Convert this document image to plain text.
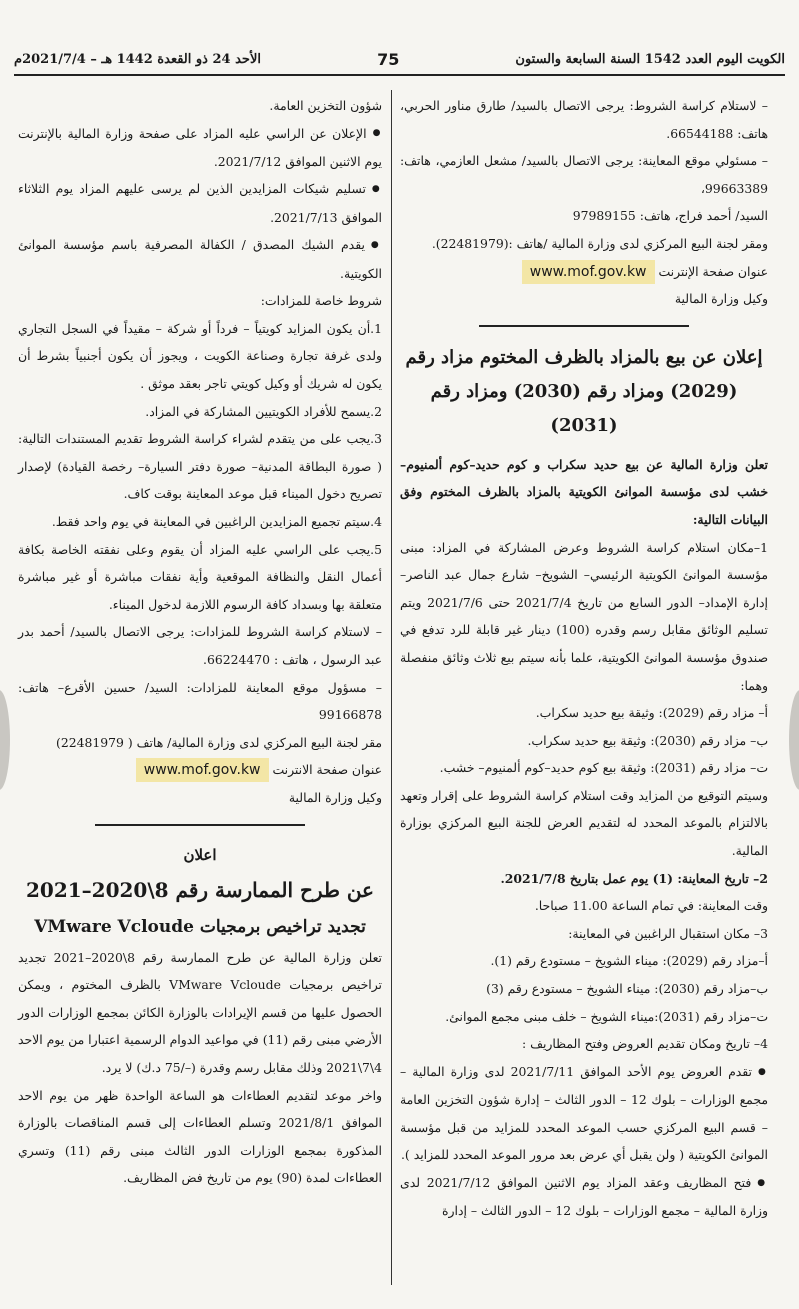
الكويت اليوم العدد 1542 السنة السابعة والستون
75
الأحد 24 ذو القعدة 1442 هـ – 2021/7/4م

– لاستلام كراسة الشروط: يرجى الاتصال بالسيد/ طارق مناور الحربي، هاتف: 66544188.

– مسئولي موقع المعاينة: يرجى الاتصال بالسيد/ مشعل العازمي، هاتف: 99663389،

السيد/ أحمد فراج، هاتف: 97989155

ومقر لجنة البيع المركزي لدى وزارة المالية /هاتف :(22481979).

عنوان صفحة الإنترنت www.mof.gov.kw

وكيل وزارة المالية

إعلان عن بيع بالمزاد بالظرف المختوم مزاد رقم (2029) ومزاد رقم (2030) ومزاد رقم (2031)

تعلن وزارة المالية عن بيع حديد سكراب و كوم حديد–كوم ألمنيوم– خشب لدى مؤسسة الموانئ الكويتية بالمزاد بالظرف المختوم وفق البيانات التالية:

1–مكان استلام كراسة الشروط وعرض المشاركة في المزاد: مبنى مؤسسة الموانئ الكويتية الرئيسي– الشويخ– شارع جمال عبد الناصر– إدارة الإمداد– الدور السابع من تاريخ 2021/7/4 حتى 2021/7/6 ويتم تسليم الوثائق مقابل رسم وقدره (100) دينار غير قابلة للرد تدفع في صندوق مؤسسة الموانئ الكويتية، علما بأنه سيتم بيع ثلاث وثائق منفصلة وهما:

أ– مزاد رقم (2029): وثيقة بيع حديد سكراب.

ب– مزاد رقم (2030): وثيقة بيع حديد سكراب.

ت– مزاد رقم (2031): وثيقة بيع كوم حديد–كوم ألمنيوم– خشب.

وسيتم التوقيع من المزايد وقت استلام كراسة الشروط على إقرار وتعهد بالالتزام بالموعد المحدد له لتقديم العرض للجنة البيع المركزي بوزارة المالية.

2– تاريخ المعاينة: (1) يوم عمل بتاريخ 2021/7/8.

وقت المعاينة: في تمام الساعة 11.00 صباحا.

3– مكان استقبال الراغبين في المعاينة:

أ–مزاد رقم (2029): ميناء الشويخ – مستودع رقم (1).

ب–مزاد رقم (2030): ميناء الشويخ – مستودع رقم (3)

ت–مزاد رقم (2031):ميناء الشويخ – خلف مبنى مجمع الموانئ.

4– تاريخ ومكان تقديم العروض وفتح المظاريف :

● تقدم العروض يوم الأحد الموافق 2021/7/11 لدى وزارة المالية – مجمع الوزارات – بلوك 12 – الدور الثالث – إدارة شؤون التخزين العامة – قسم البيع المركزي حسب الموعد المحدد للمزايد من قبل مؤسسة الموانئ الكويتية ( ولن يقبل أي عرض بعد مرور الموعد المحدد للمزايد ).

● فتح المظاريف وعقد المزاد يوم الاثنين الموافق 2021/7/12 لدى وزارة المالية – مجمع الوزارات – بلوك 12 – الدور الثالث – إدارة

شؤون التخزين العامة.

● الإعلان عن الراسي عليه المزاد على صفحة وزارة المالية بالإنترنت يوم الاثنين الموافق 2021/7/12.

● تسليم شيكات المزايدين الذين لم يرسى عليهم المزاد يوم الثلاثاء الموافق 2021/7/13.

● يقدم الشيك المصدق / الكفالة المصرفية باسم مؤسسة الموانئ الكويتية.

شروط خاصة للمزادات:

1.أن يكون المزايد كويتياً – فرداً أو شركة – مقيداً في السجل التجاري ولدى غرفة تجارة وصناعة الكويت ، ويجوز أن يكون أجنبياً بشرط أن يكون له شريك أو وكيل كويتي تاجر بعقد موثق .

2.يسمح للأفراد الكويتيين المشاركة في المزاد.

3.يجب على من يتقدم لشراء كراسة الشروط تقديم المستندات التالية: ( صورة البطاقة المدنية– صورة دفتر السيارة– رخصة القيادة) لإصدار تصريح دخول الميناء قبل موعد المعاينة بوقت كاف.

4.سيتم تجميع المزايدين الراغبين في المعاينة في يوم واحد فقط.

5.يجب على الراسي عليه المزاد أن يقوم وعلى نفقته الخاصة بكافة أعمال النقل والنظافة الموقعية وأية نفقات مباشرة أو غير مباشرة متعلقة بها وبسداد كافة الرسوم اللازمة لدخول الميناء.

– لاستلام كراسة الشروط للمزادات: يرجى الاتصال بالسيد/ أحمد بدر عبد الرسول ، هاتف : 66224470.

– مسؤول موقع المعاينة للمزادات: السيد/ حسين الأقرع– هاتف: 99166878

مقر لجنة البيع المركزي لدى وزارة المالية/ هاتف ( 22481979)

عنوان صفحة الانترنت www.mof.gov.kw

وكيل وزارة المالية

اعلان
عن طرح الممارسة رقم 8\2020–2021
تجديد تراخيص برمجيات VMware Vcloude

تعلن وزارة المالية عن طرح الممارسة رقم 8\2020–2021 تجديد تراخيص برمجيات VMware Vcloude بالظرف المختوم ، ويمكن الحصول عليها من قسم الإيرادات بالوزارة الكائن بمجمع الوزارات الدور الأرضي مبنى رقم (11) في مواعيد الدوام الرسمية اعتبارا من يوم الاحد 4\7\2021 وذلك مقابل رسم وقدرة (–/75 د.ك) لا يرد.

واخر موعد لتقديم العطاءات هو الساعة الواحدة ظهر من يوم الاحد الموافق 2021/8/1 وتسلم العطاءات إلى قسم المناقصات بالوزارة المذكورة بمجمع الوزارات الدور الثالث مبنى رقم (11) وتسري العطاءات لمدة (90) يوم من تاريخ فض المظاريف.
